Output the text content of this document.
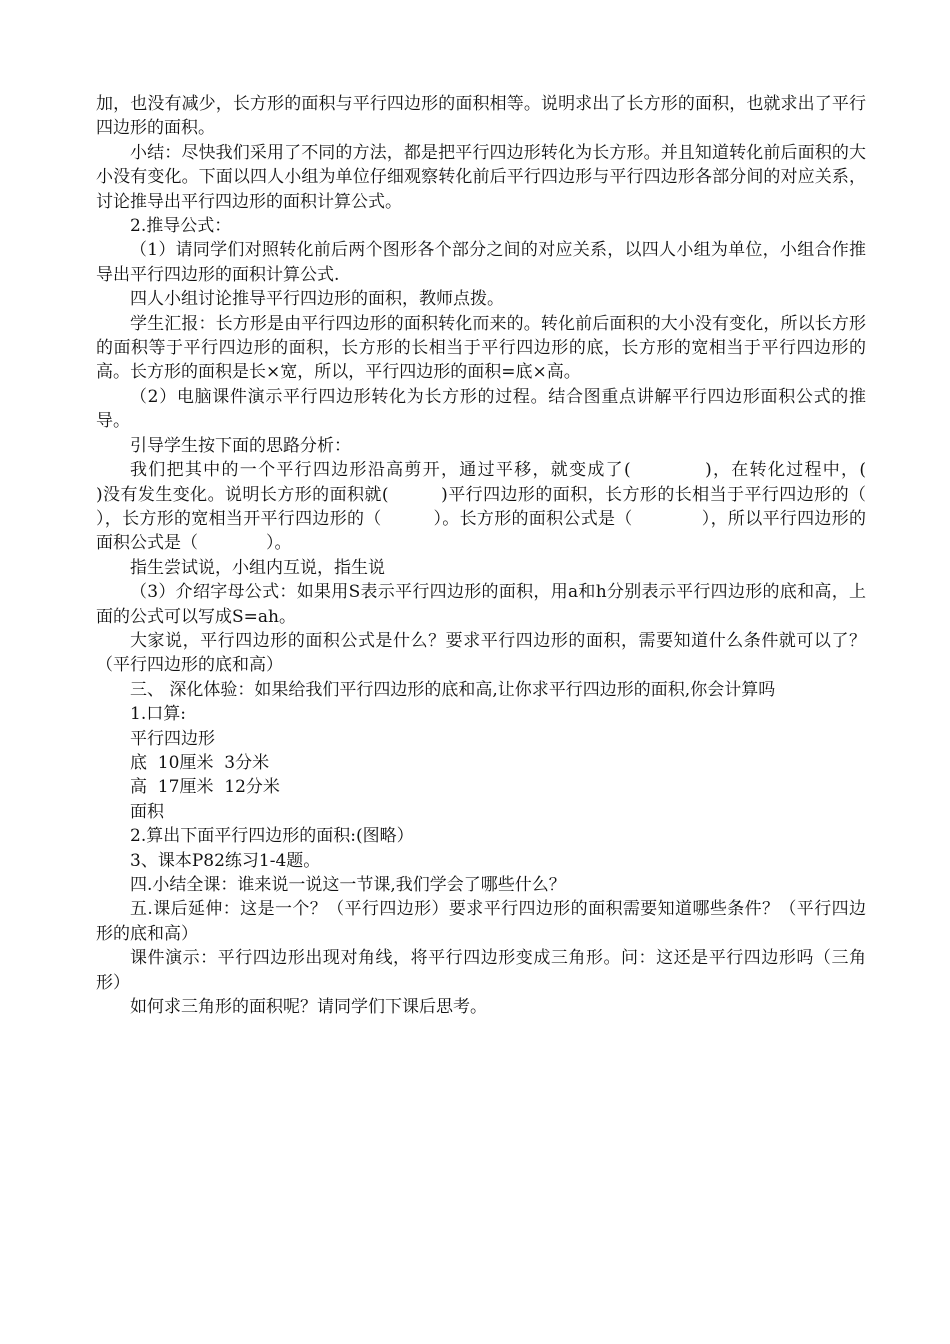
加，也没有减少，长方形的面积与平行四边形的面积相等。说明求出了长方形的面积，也就求出了平行四边形的面积。

小结：尽快我们采用了不同的方法，都是把平行四边形转化为长方形。并且知道转化前后面积的大小没有变化。下面以四人小组为单位仔细观察转化前后平行四边形与平行四边形各部分间的对应关系，讨论推导出平行四边形的面积计算公式。

2.推导公式：

（1）请同学们对照转化前后两个图形各个部分之间的对应关系，以四人小组为单位，小组合作推导出平行四边形的面积计算公式.

四人小组讨论推导平行四边形的面积，教师点拨。

学生汇报：长方形是由平行四边形的面积转化而来的。转化前后面积的大小没有变化，所以长方形的面积等于平行四边形的面积，长方形的长相当于平行四边形的底，长方形的宽相当于平行四边形的高。长方形的面积是长×宽，所以，平行四边形的面积=底×高。

（2）电脑课件演示平行四边形转化为长方形的过程。结合图重点讲解平行四边形面积公式的推导。

引导学生按下面的思路分析：

我们把其中的一个平行四边形沿高剪开，通过平移，就变成了(　　　　)，在转化过程中，(　　　)没有发生变化。说明长方形的面积就(　　　)平行四边形的面积，长方形的长相当于平行四边形的（　　　），长方形的宽相当开平行四边形的（　　　）。长方形的面积公式是（　　　　），所以平行四边形的面积公式是（　　　　）。

指生尝试说，小组内互说，指生说

（3）介绍字母公式：如果用S表示平行四边形的面积，用a和h分别表示平行四边形的底和高，上面的公式可以写成S=ah。

大家说，平行四边形的面积公式是什么？要求平行四边形的面积，需要知道什么条件就可以了？（平行四边形的底和高）

三、 深化体验：如果给我们平行四边形的底和高,让你求平行四边形的面积,你会计算吗

1.口算:

平行四边形
底  10厘米  3分米
高  17厘米  12分米
面积

2.算出下面平行四边形的面积:(图略）

3、课本P82练习1-4题。

四.小结全课：谁来说一说这一节课,我们学会了哪些什么？

五.课后延伸：这是一个？（平行四边形）要求平行四边形的面积需要知道哪些条件？（平行四边形的底和高）

课件演示：平行四边形出现对角线，将平行四边形变成三角形。问：这还是平行四边形吗（三角形）

如何求三角形的面积呢？请同学们下课后思考。
